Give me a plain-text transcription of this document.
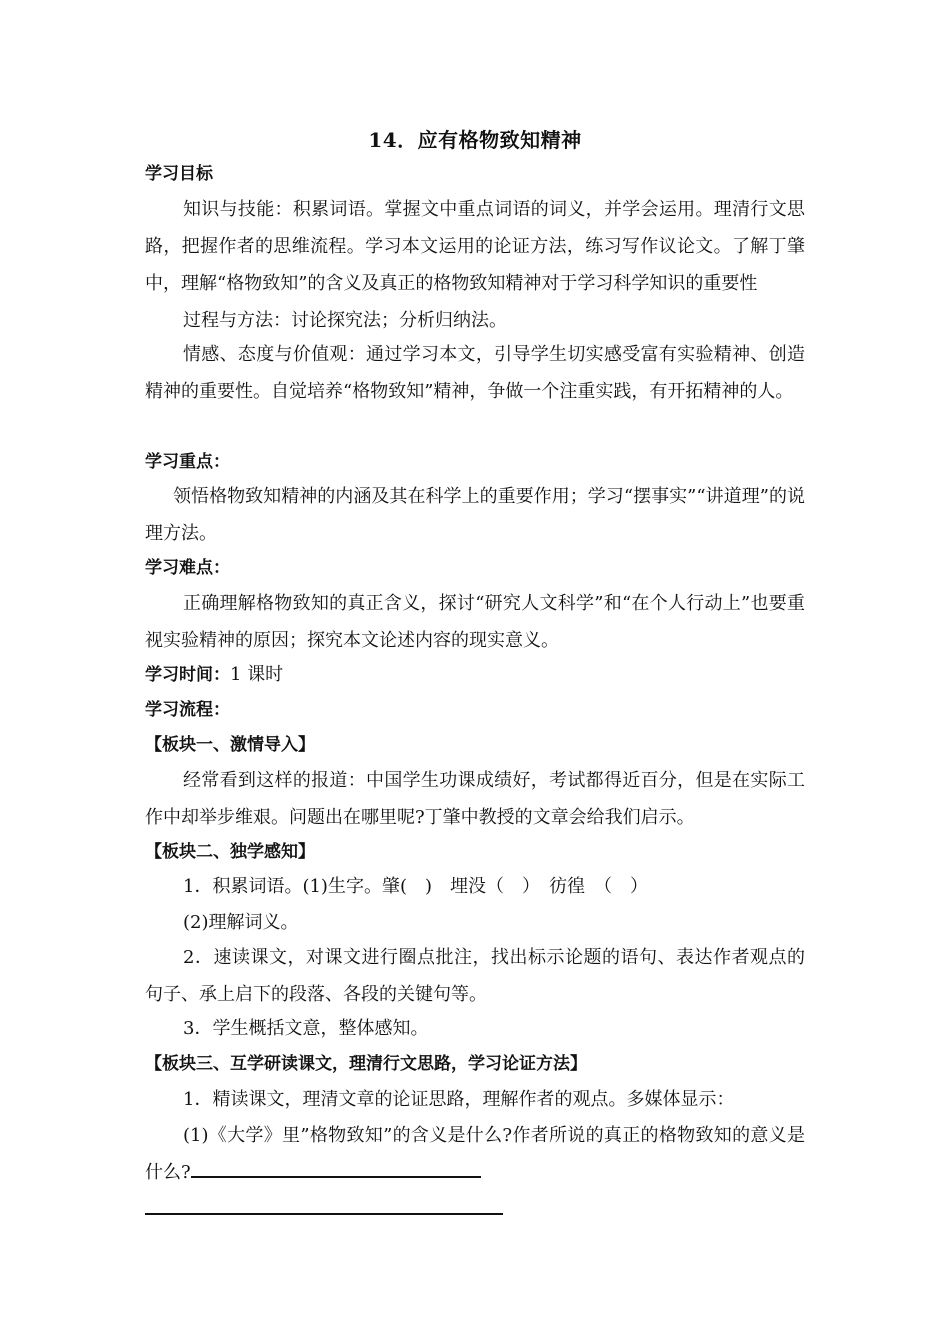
14．应有格物致知精神
学习目标
知识与技能：积累词语。掌握文中重点词语的词义，并学会运用。理清行文思路，把握作者的思维流程。学习本文运用的论证方法，练习写作议论文。了解丁肇中，理解“格物致知”的含义及真正的格物致知精神对于学习科学知识的重要性
过程与方法：讨论探究法；分析归纳法。
情感、态度与价值观：通过学习本文，引导学生切实感受富有实验精神、创造精神的重要性。自觉培养“格物致知”精神，争做一个注重实践，有开拓精神的人。
学习重点：
领悟格物致知精神的内涵及其在科学上的重要作用；学习“摆事实”“讲道理”的说理方法。
学习难点：
正确理解格物致知的真正含义，探讨“研究人文科学”和“在个人行动上”也要重视实验精神的原因；探究本文论述内容的现实意义。
学习时间：1 课时
学习流程：
【板块一、激情导入】
经常看到这样的报道：中国学生功课成绩好，考试都得近百分，但是在实际工作中却举步维艰。问题出在哪里呢?丁肇中教授的文章会给我们启示。
【板块二、独学感知】
1．积累词语。(1)生字。肇(　)　埋没（　）　彷徨　（　）
(2)理解词义。
2．速读课文，对课文进行圈点批注，找出标示论题的语句、表达作者观点的句子、承上启下的段落、各段的关键句等。
3．学生概括文意，整体感知。
【板块三、互学研读课文，理清行文思路，学习论证方法】
1．精读课文，理清文章的论证思路，理解作者的观点。多媒体显示：
(1)《大学》里”格物致知”的含义是什么?作者所说的真正的格物致知的意义是什么?
